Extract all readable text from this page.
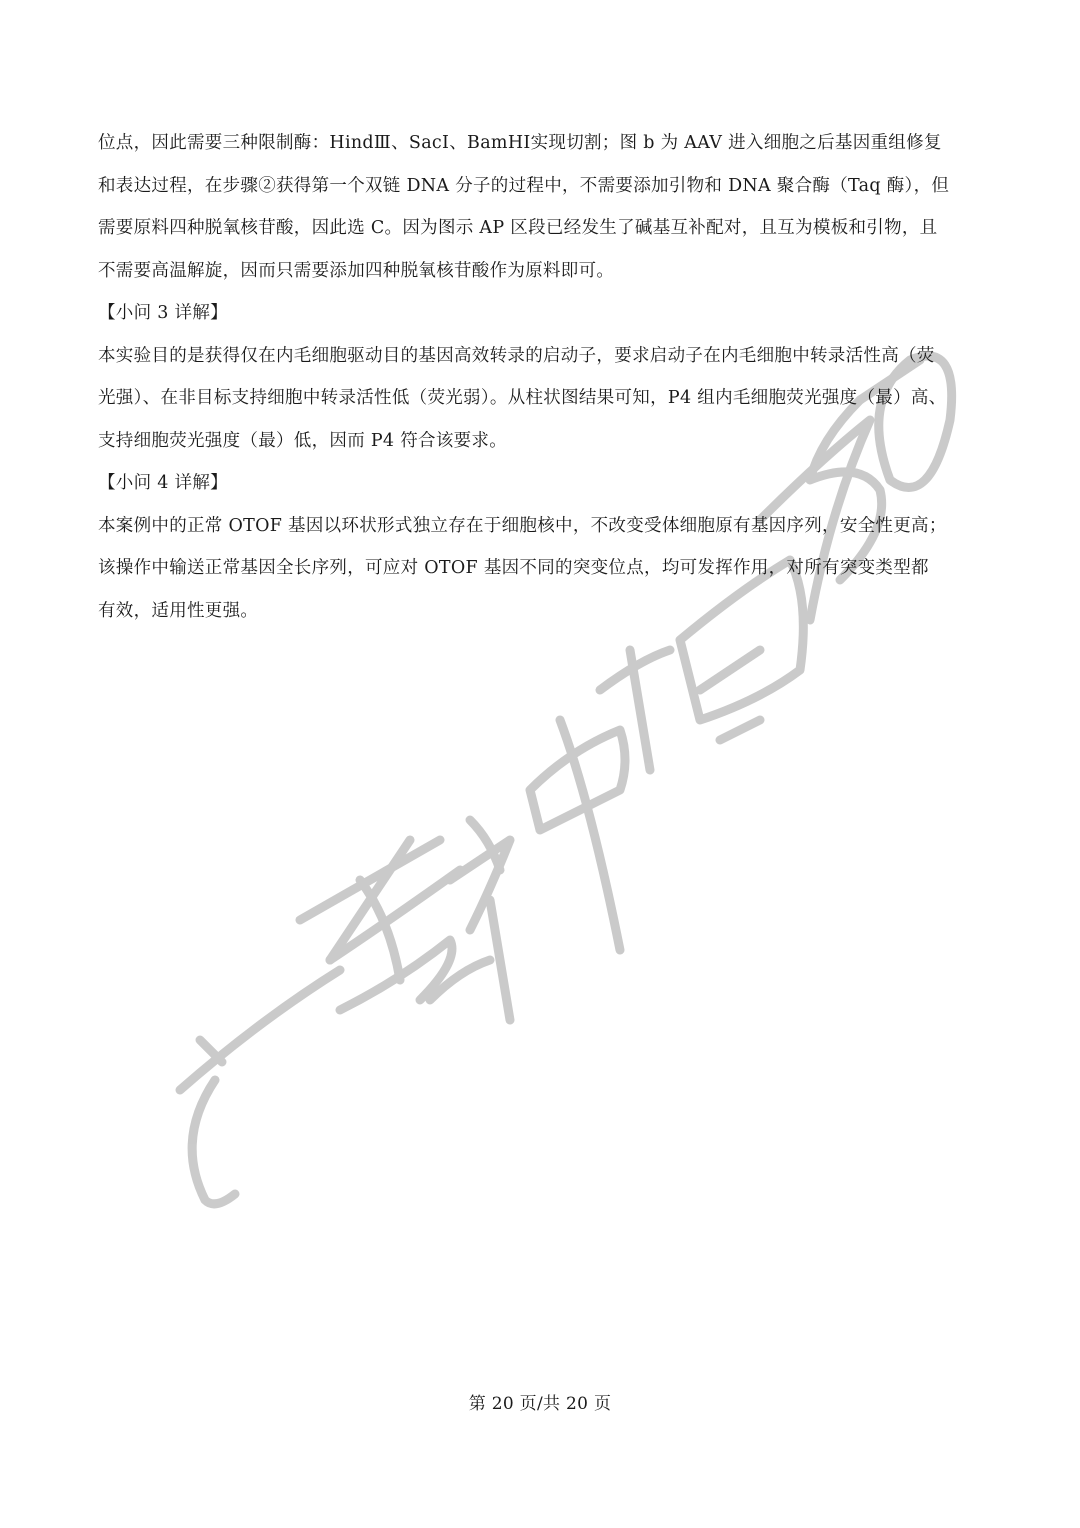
位点，因此需要三种限制酶：HindⅢ、SacⅠ、BamHⅠ实现切割；图 b 为 AAV 进入细胞之后基因重组修复
和表达过程，在步骤②获得第一个双链 DNA 分子的过程中，不需要添加引物和 DNA 聚合酶（Taq 酶），但
需要原料四种脱氧核苷酸，因此选 C。因为图示 AP 区段已经发生了碱基互补配对，且互为模板和引物，且
不需要高温解旋，因而只需要添加四种脱氧核苷酸作为原料即可。

【小问 3 详解】

本实验目的是获得仅在内毛细胞驱动目的基因高效转录的启动子，要求启动子在内毛细胞中转录活性高（荧
光强）、在非目标支持细胞中转录活性低（荧光弱）。从柱状图结果可知，P4 组内毛细胞荧光强度（最）高、
支持细胞荧光强度（最）低，因而 P4 符合该要求。

【小问 4 详解】

本案例中的正常 OTOF 基因以环状形式独立存在于细胞核中，不改变受体细胞原有基因序列，安全性更高；
该操作中输送正常基因全长序列，可应对 OTOF 基因不同的突变位点，均可发挥作用，对所有突变类型都
有效，适用性更强。

第 20 页/共 20 页
